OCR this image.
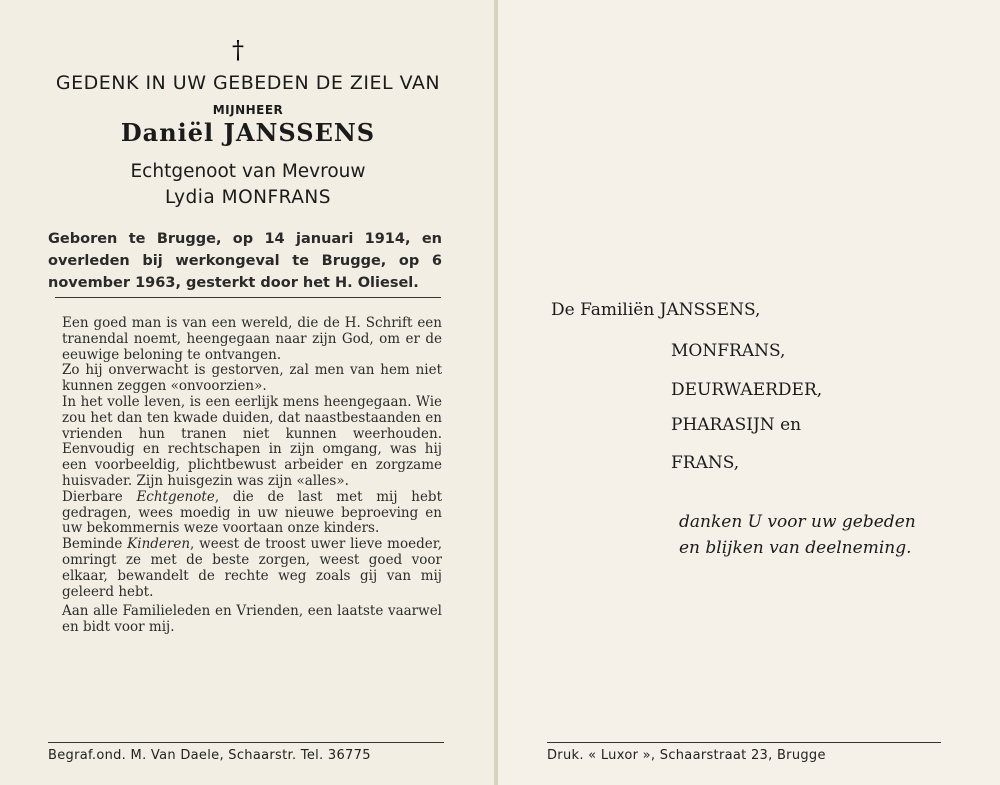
†
GEDENK IN UW GEBEDEN DE ZIEL VAN
MIJNHEER
Daniël JANSSENS
Echtgenoot van Mevrouw
Lydia MONFRANS
Geboren te Brugge, op 14 januari 1914, en overleden bij werkongeval te Brugge, op 6 november 1963, gesterkt door het H. Oliesel.

Een goed man is van een wereld, die de H. Schrift een tranendal noemt, heengegaan naar zijn God, om er de eeuwige beloning te ontvangen.

Zo hij onverwacht is gestorven, zal men van hem niet kunnen zeggen «onvoorzien».

In het volle leven, is een eerlijk mens heengegaan. Wie zou het dan ten kwade duiden, dat naastbestaanden en vrienden hun tranen niet kunnen weerhouden. Eenvoudig en rechtschapen in zijn omgang, was hij een voorbeeldig, plichtbewust arbeider en zorgzame huisvader. Zijn huisgezin was zijn «alles».

Dierbare Echtgenote, die de last met mij hebt gedragen, wees moedig in uw nieuwe beproeving en uw bekommernis weze voortaan onze kinders.

Beminde Kinderen, weest de troost uwer lieve moeder, omringt ze met de beste zorgen, weest goed voor elkaar, bewandelt de rechte weg zoals gij van mij geleerd hebt.

Aan alle Familieleden en Vrienden, een laatste vaarwel en bidt voor mij.

Begraf.ond. M. Van Daele, Schaarstr. Tel. 36775
De Familiën JANSSENS,
MONFRANS,
DEURWAERDER,
PHARASIJN en
FRANS,
danken U voor uw gebeden
en blijken van deelneming.
Druk. « Luxor », Schaarstraat 23, Brugge
